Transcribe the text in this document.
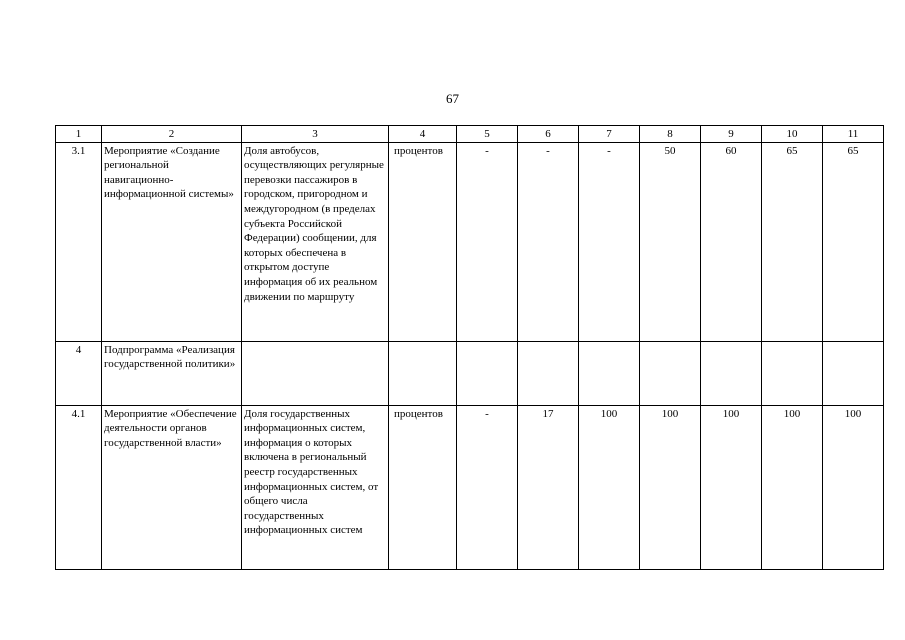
67
1	2	3	4	5	6	7	8	9	10	11
3.1	Мероприятие «Создание региональной навигационно-информационной системы»	Доля автобусов, осуществляющих регулярные перевозки пассажиров в городском, пригородном и междугородном (в пределах субъекта Российской Федерации) сообщении, для которых обеспечена в открытом доступе информация об их реальном движении по маршруту	процентов	-	-	-	50	60	65	65
4	Подпрограмма «Реализация государственной политики»									
4.1	Мероприятие «Обеспечение деятельности органов государственной власти»	Доля государственных информационных систем, информация о которых включена в региональный реестр государственных информационных систем, от общего числа государственных информационных систем	процентов	-	17	100	100	100	100	100
